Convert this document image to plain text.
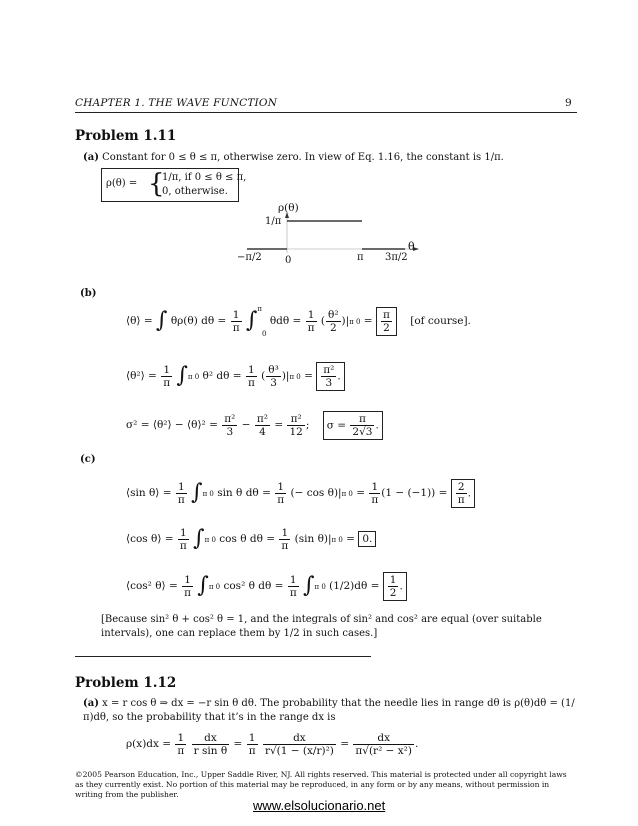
CHAPTER 1. THE WAVE FUNCTION	9
Problem 1.11
(a) Constant for 0 ≤ θ ≤ π, otherwise zero. In view of Eq. 1.16, the constant is 1/π.
ρ(θ) = {
1/π, if 0 ≤ θ ≤ π,
0, otherwise.
ρ(θ)
1/π
θ
−π/2 0	π 3π/2
(b)
⟨θ⟩ = ∫ θρ(θ) $d\theta = \frac{1}{\pi} \int^\pi 0$ $\theta d\theta = \frac{1}{\pi}$ ( $\frac{\text{θ²}}{2} )|\pi$ $0 = \frac{\pi}{2} [of$ course].
⟨θ²⟩ = $\frac{1}{\pi} \int\pi$ 0 θ² $d\theta = \frac{1}{\pi}$ ( $\frac{\text{θ³}}{3} )|\pi$ $0 = \frac{\text{π²}}{3}$ .
σ² = ⟨θ²⟩ − ⟨θ⟩² = $\frac{\text{π²}}{3} - \frac{\text{π²}}{4} = \frac{\text{π²}}{12}$ ; $\sigma = \frac{\pi}{2√3}$ .
(c)
⟨sin θ⟩ = $\frac{1}{\pi} \int\pi$ 0 sin θ $d\theta = \frac{1}{\pi}$ (− cos θ)|π $0 = \frac{1}{\pi} (1 - (-1)) = \frac{2}{\pi}$ .
⟨cos θ⟩ = $\frac{1}{\pi} \int\pi$ 0 cos θ $d\theta = \frac{1}{\pi} (\sin$ θ)|π 0 = 0.
⟨cos² θ⟩ = $\frac{1}{\pi} \int\pi$ 0 cos² θ $d\theta = \frac{1}{\pi} \int\pi$ 0 $(1/2)d\theta = \frac{1}{2}$ .
[Because sin² θ + cos² θ = 1, and the integrals of sin² and cos² are equal (over suitable intervals), one can replace them by 1/2 in such cases.]
Problem 1.12
(a) x = r cos θ ⇒ dx = −r sin θ dθ. The probability that the needle lies in range dθ is ρ(θ)dθ = (1/π)dθ, so the probability that it’s in the range dx is
$\rho(x)dx = \frac{1}{\pi}$
$\frac{dx}{\text{r sin θ}} = \frac{1}{\pi}$
$\frac{dx}{\text{r√(1 − (x/r)²)}} = \frac{dx}{\text{π√(r² − x²)}}$ .
©2005 Pearson Education, Inc., Upper Saddle River, NJ. All rights reserved. This material is protected under all copyright laws as they currently exist. No portion of this material may be reproduced, in any form or by any means, without permission in writing from the publisher.
www.elsolucionario.net
